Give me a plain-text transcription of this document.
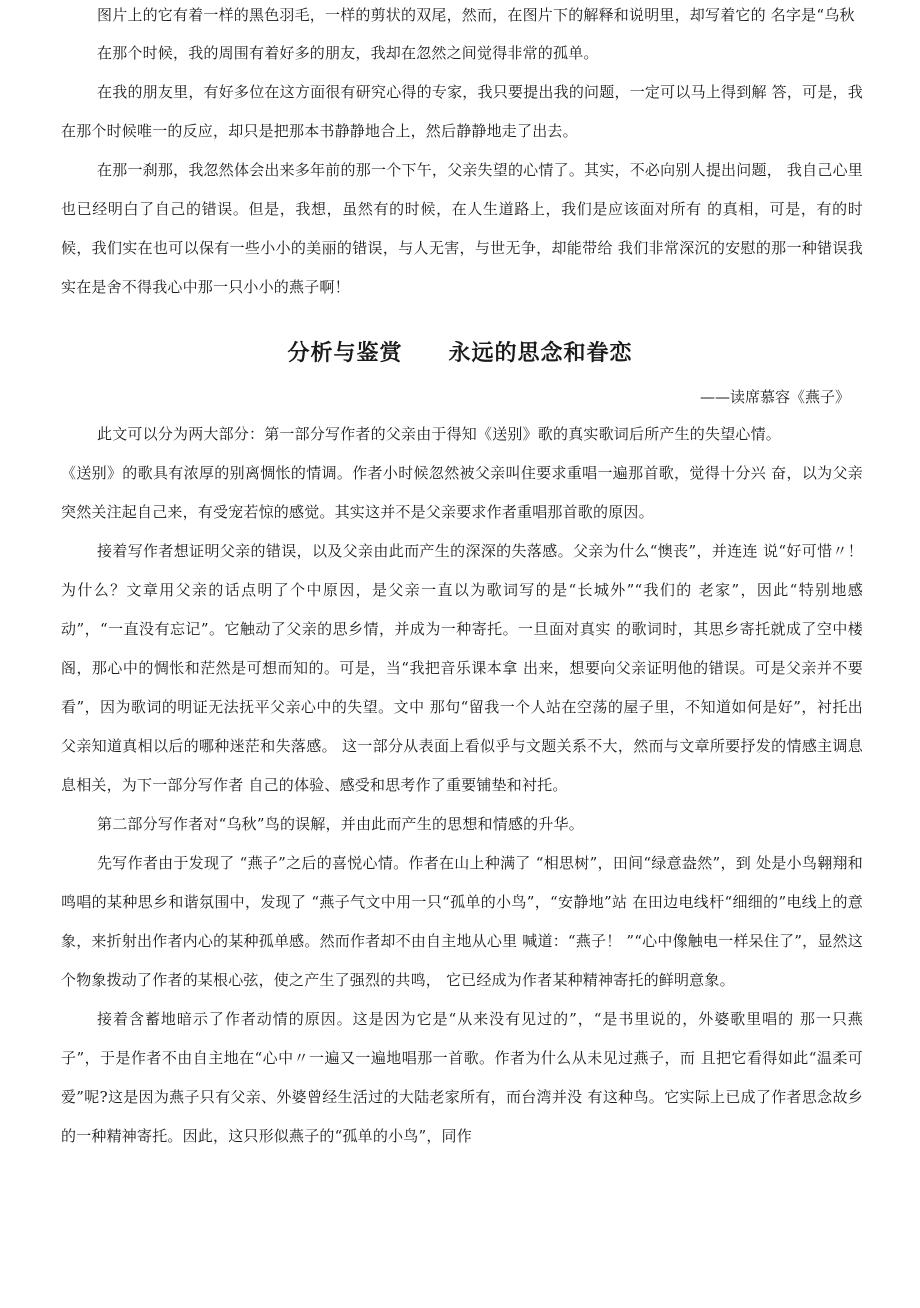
图片上的它有着一样的黑色羽毛，一样的剪状的双尾，然而，在图片下的解释和说明里，却写着它的 名字是“乌秋

在那个时候，我的周围有着好多的朋友，我却在忽然之间觉得非常的孤单。

在我的朋友里，有好多位在这方面很有研究心得的专家，我只要提出我的问题，一定可以马上得到解 答，可是，我在那个时候唯一的反应，却只是把那本书静静地合上，然后静静地走了出去。

在那一刹那，我忽然体会出来多年前的那一个下午，父亲失望的心情了。其实，不必向别人提出问题， 我自己心里也已经明白了自己的错误。但是，我想，虽然有的时候，在人生道路上，我们是应该面对所有 的真相，可是，有的时候，我们实在也可以保有一些小小的美丽的错误，与人无害，与世无争，却能带给 我们非常深沉的安慰的那一种错误我实在是舍不得我心中那一只小小的燕子啊！

分析与鉴赏　　永远的思念和眷恋

——读席慕容《燕子》

此文可以分为两大部分：第一部分写作者的父亲由于得知《送别》歌的真实歌词后所产生的失望心情。

《送别》的歌具有浓厚的别离惆怅的情调。作者小时候忽然被父亲叫住要求重唱一遍那首歌，觉得十分兴 奋，以为父亲突然关注起自己来，有受宠若惊的感觉。其实这并不是父亲要求作者重唱那首歌的原因。

接着写作者想证明父亲的错误，以及父亲由此而产生的深深的失落感。父亲为什么“懊丧”，并连连 说“好可惜〃！为什么？文章用父亲的话点明了个中原因，是父亲一直以为歌词写的是“长城外”“我们的 老家”，因此“特别地感动”，“一直没有忘记”。它触动了父亲的思乡情，并成为一种寄托。一旦面对真实 的歌词时，其思乡寄托就成了空中楼阁，那心中的惆怅和茫然是可想而知的。可是，当“我把音乐课本拿 出来，想要向父亲证明他的错误。可是父亲并不要看”，因为歌词的明证无法抚平父亲心中的失望。文中 那句“留我一个人站在空荡的屋子里，不知道如何是好”，衬托出父亲知道真相以后的哪种迷茫和失落感。 这一部分从表面上看似乎与文题关系不大，然而与文章所要抒发的情感主调息息相关，为下一部分写作者 自己的体验、感受和思考作了重要铺垫和衬托。

第二部分写作者对“乌秋”鸟的误解，并由此而产生的思想和情感的升华。

先写作者由于发现了 “燕子”之后的喜悦心情。作者在山上种满了 “相思树”，田间“绿意盎然”，到 处是小鸟翱翔和鸣唱的某种思乡和谐氛围中，发现了 “燕子气文中用一只“孤单的小鸟”，“安静地”站 在田边电线杆“细细的”电线上的意象，来折射出作者内心的某种孤单感。然而作者却不由自主地从心里 喊道：“燕子！ ”“心中像触电一样呆住了”，显然这个物象拨动了作者的某根心弦，使之产生了强烈的共鸣， 它已经成为作者某种精神寄托的鲜明意象。

接着含蓄地暗示了作者动情的原因。这是因为它是“从来没有见过的”，“是书里说的，外婆歌里唱的 那一只燕子”，于是作者不由自主地在“心中〃一遍又一遍地唱那一首歌。作者为什么从未见过燕子，而 且把它看得如此“温柔可爱”呢?这是因为燕子只有父亲、外婆曾经生活过的大陆老家所有，而台湾并没 有这种鸟。它实际上已成了作者思念故乡的一种精神寄托。因此，这只形似燕子的“孤单的小鸟”，同作
